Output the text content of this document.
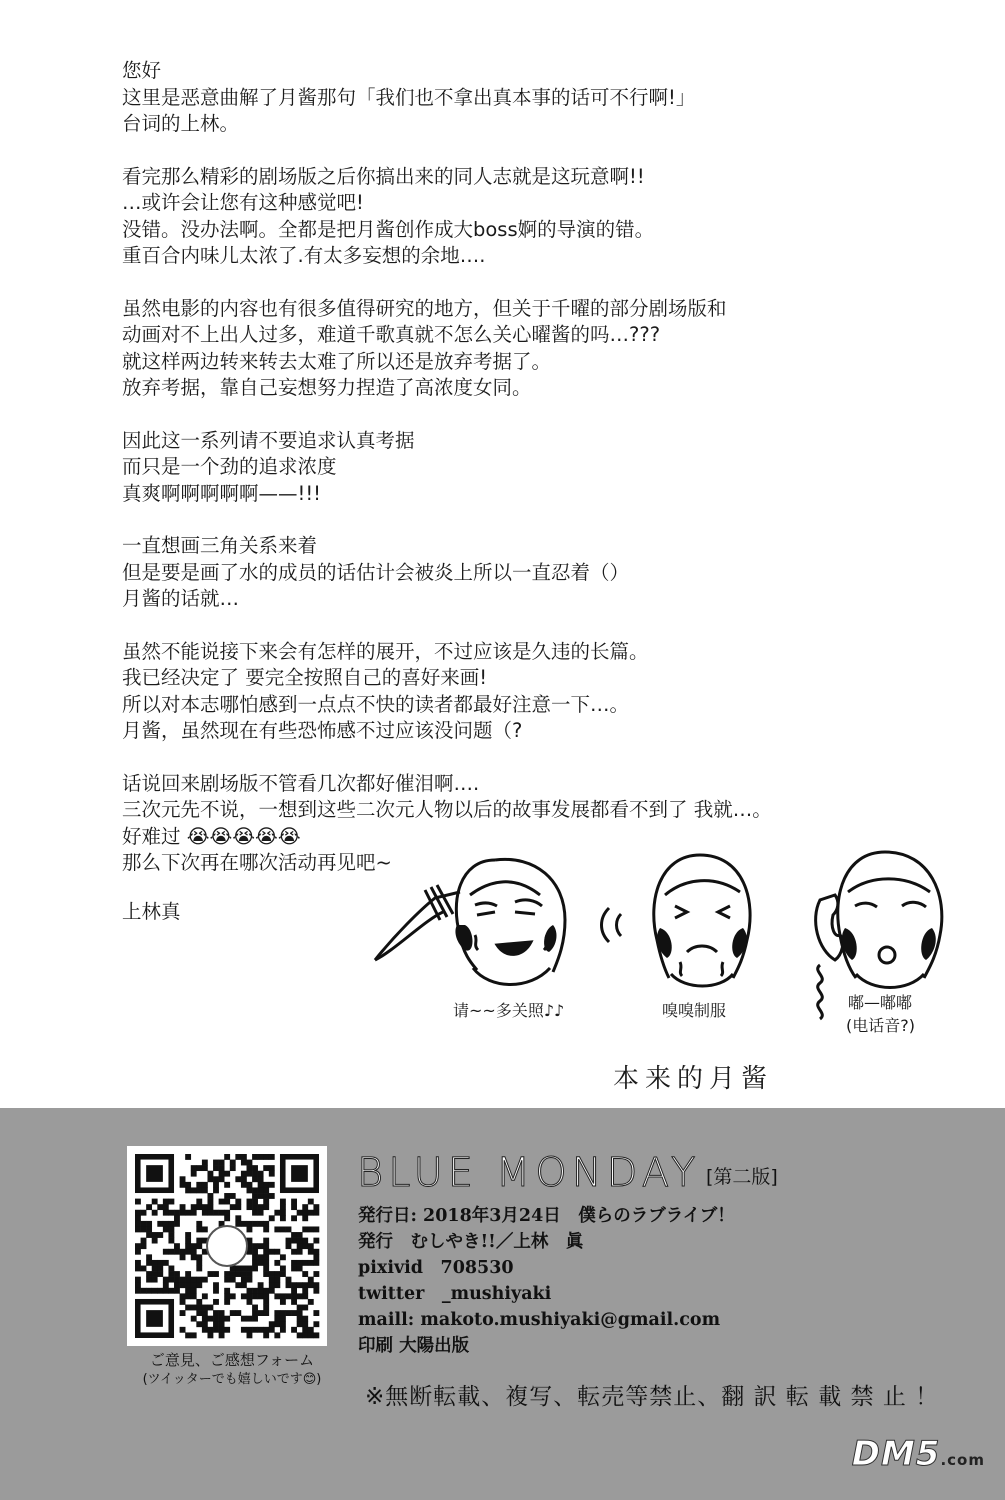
您好
这里是恶意曲解了月酱那句「我们也不拿出真本事的话可不行啊!」
台词的上林。
看完那么精彩的剧场版之后你搞出来的同人志就是这玩意啊!!
…或许会让您有这种感觉吧!
没错。没办法啊。全都是把月酱创作成大boss婀的导演的错。
重百合内味儿太浓了.有太多妄想的余地….
虽然电影的内容也有很多值得研究的地方，但关于千曜的部分剧场版和
动画对不上出人过多，难道千歌真就不怎么关心曜酱的吗…???
就这样两边转来转去太难了所以还是放弃考据了。
放弃考据，靠自己妄想努力捏造了高浓度女同。
因此这一系列请不要追求认真考据
而只是一个劲的追求浓度
真爽啊啊啊啊啊——!!!
一直想画三角关系来着
但是要是画了水的成员的话估计会被炎上所以一直忍着（）
月酱的话就…
虽然不能说接下来会有怎样的展开，不过应该是久违的长篇。
我已经决定了 要完全按照自己的喜好来画!
所以对本志哪怕感到一点点不快的读者都最好注意一下…。
月酱，虽然现在有些恐怖感不过应该没问题（?
话说回来剧场版不管看几次都好催泪啊….
三次元先不说，一想到这些二次元人物以后的故事发展都看不到了 我就…。
好难过 😭😭😭😭😭
那么下次再在哪次活动再见吧~
上林真
请~~多关照♪♪	嗅嗅制服	嘟—嘟嘟
(电话音?)
本来的月酱
ご意見、ご感想フォーム
(ツイッターでも嬉しいです😊)
BLUE MONDAY [第二版]
発行日: 2018年3月24日　僕らのラブライブ！
発行　むしやき!!／上林　眞
pixivid　708530
twitter　_mushiyaki
maill: makoto.mushiyaki@gmail.com
印刷 大陽出版
※無断転載、複写、転売等禁止、翻 訳 転 載 禁 止 ！
DM5.com
